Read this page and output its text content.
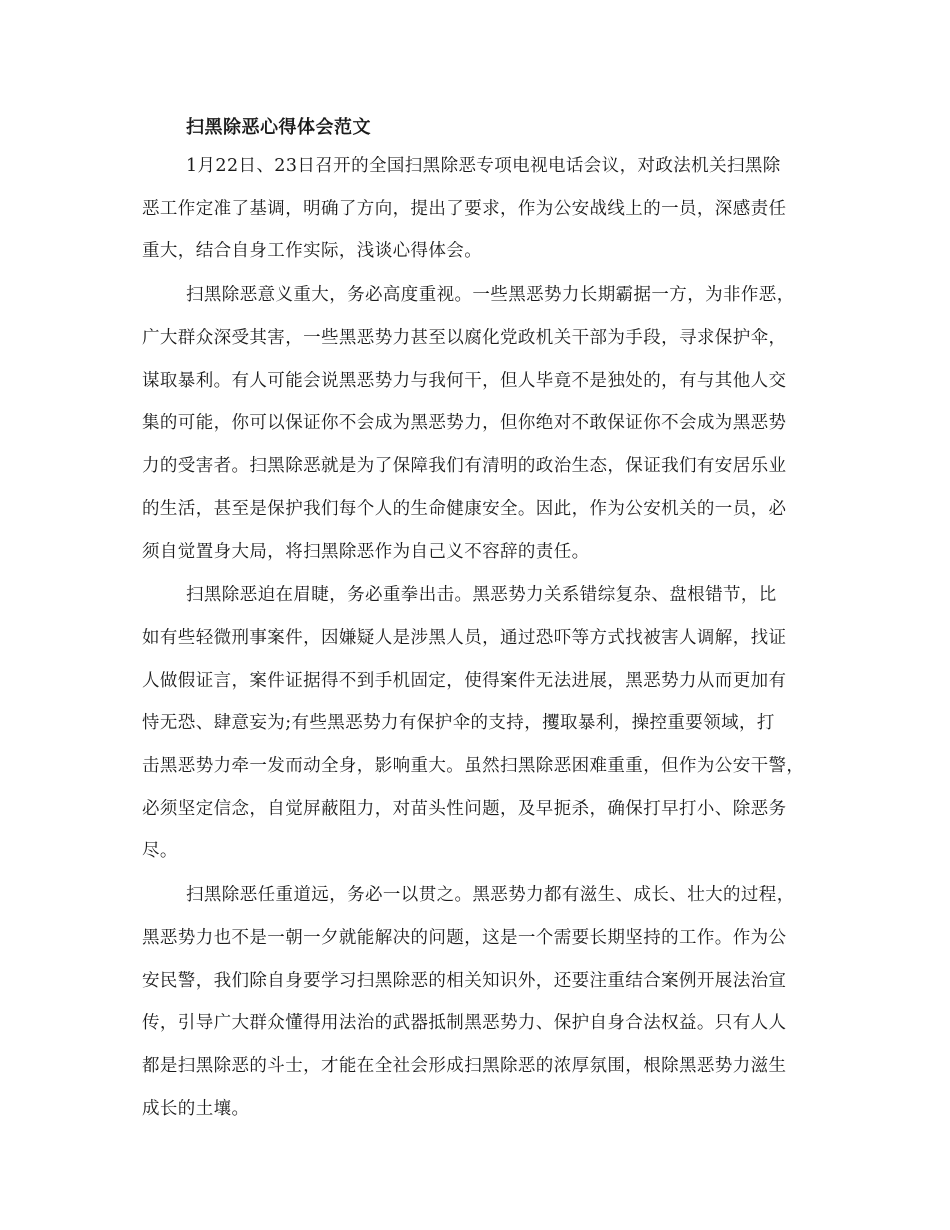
扫黑除恶心得体会范文
1月22日、23日召开的全国扫黑除恶专项电视电话会议，对政法机关扫黑除
恶工作定准了基调，明确了方向，提出了要求，作为公安战线上的一员，深感责任
重大，结合自身工作实际，浅谈心得体会。
扫黑除恶意义重大，务必高度重视。一些黑恶势力长期霸据一方，为非作恶，
广大群众深受其害，一些黑恶势力甚至以腐化党政机关干部为手段，寻求保护伞，
谋取暴利。有人可能会说黑恶势力与我何干，但人毕竟不是独处的，有与其他人交
集的可能，你可以保证你不会成为黑恶势力，但你绝对不敢保证你不会成为黑恶势
力的受害者。扫黑除恶就是为了保障我们有清明的政治生态，保证我们有安居乐业
的生活，甚至是保护我们每个人的生命健康安全。因此，作为公安机关的一员，必
须自觉置身大局，将扫黑除恶作为自己义不容辞的责任。
扫黑除恶迫在眉睫，务必重拳出击。黑恶势力关系错综复杂、盘根错节，比
如有些轻微刑事案件，因嫌疑人是涉黑人员，通过恐吓等方式找被害人调解，找证
人做假证言，案件证据得不到手机固定，使得案件无法进展，黑恶势力从而更加有
恃无恐、肆意妄为;有些黑恶势力有保护伞的支持，攫取暴利，操控重要领域，打
击黑恶势力牵一发而动全身，影响重大。虽然扫黑除恶困难重重，但作为公安干警，
必须坚定信念，自觉屏蔽阻力，对苗头性问题，及早扼杀，确保打早打小、除恶务
尽。
扫黑除恶任重道远，务必一以贯之。黑恶势力都有滋生、成长、壮大的过程，
黑恶势力也不是一朝一夕就能解决的问题，这是一个需要长期坚持的工作。作为公
安民警，我们除自身要学习扫黑除恶的相关知识外，还要注重结合案例开展法治宣
传，引导广大群众懂得用法治的武器抵制黑恶势力、保护自身合法权益。只有人人
都是扫黑除恶的斗士，才能在全社会形成扫黑除恶的浓厚氛围，根除黑恶势力滋生
成长的土壤。
